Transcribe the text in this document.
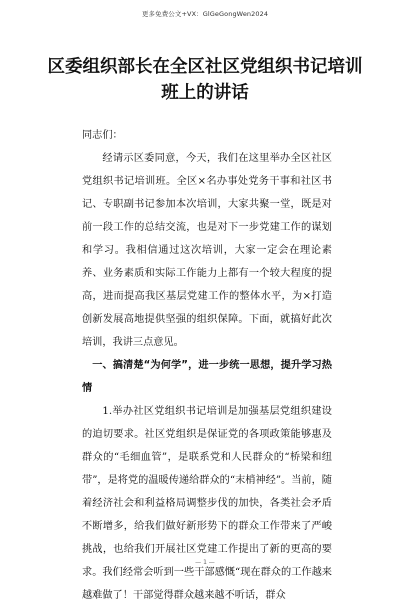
更多免费公文+VX：GlGeGongWen2024
区委组织部长在全区社区党组织书记培训班上的讲话

同志们：

经请示区委同意，今天，我们在这里举办全区社区党组织书记培训班。全区×名办事处党务干事和社区书记、专职副书记参加本次培训，大家共聚一堂，既是对前一段工作的总结交流，也是对下一步党建工作的谋划和学习。我相信通过这次培训，大家一定会在理论素养、业务素质和实际工作能力上都有一个较大程度的提高，进而提高我区基层党建工作的整体水平，为×打造创新发展高地提供坚强的组织保障。下面，就搞好此次培训，我讲三点意见。

一、搞清楚“为何学”，进一步统一思想，提升学习热情

1.举办社区党组织书记培训是加强基层党组织建设的迫切要求。社区党组织是保证党的各项政策能够惠及群众的“毛细血管”，是联系党和人民群众的“桥梁和纽带”，是将党的温暖传递给群众的“末梢神经”。当前，随着经济社会和利益格局调整步伐的加快，各类社会矛盾不断增多，给我们做好新形势下的群众工作带来了严峻挑战，也给我们开展社区党建工作提出了新的更高的要求。我们经常会听到一些干部感慨“现在群众的工作越来越难做了！干部觉得群众越来越不听话，群众

— 1 —
